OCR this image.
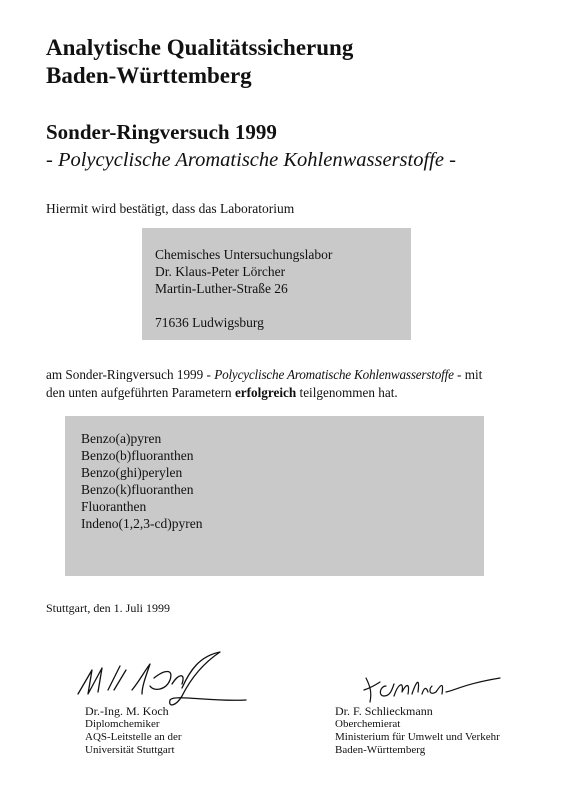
Analytische Qualitätssicherung
Baden-Württemberg
Sonder-Ringversuch 1999
- Polycyclische Aromatische Kohlenwasserstoffe -
Hiermit wird bestätigt, dass das Laboratorium
Chemisches Untersuchungslabor
Dr. Klaus-Peter Lörcher
Martin-Luther-Straße 26
71636 Ludwigsburg
am Sonder-Ringversuch 1999 - Polycyclische Aromatische Kohlenwasserstoffe - mit
den unten aufgeführten Parametern erfolgreich teilgenommen hat.
Benzo(a)pyren
Benzo(b)fluoranthen
Benzo(ghi)perylen
Benzo(k)fluoranthen
Fluoranthen
Indeno(1,2,3-cd)pyren
Stuttgart, den 1. Juli 1999
Dr.-Ing. M. Koch
Diplomchemiker
AQS-Leitstelle an der
Universität Stuttgart
Dr. F. Schlieckmann
Oberchemierat
Ministerium für Umwelt und Verkehr
Baden-Württemberg
